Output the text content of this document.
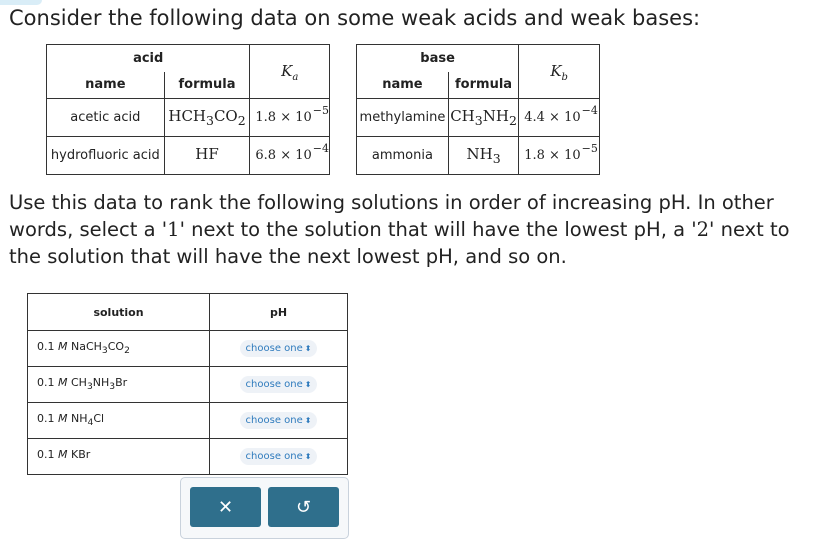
Consider the following data on some weak acids and weak bases:
acid		$K_a$
name	formula	
acetic acid	$HCH_3CO_2$	$1.8 \times 10^{-5}$
hydrofluoric acid	HF	$6.8 \times 10^{-4}$
base		$K_b$
name	formula	
methylamine	$CH_3NH_2$	$4.4 \times 10^{-4}$
ammonia	$NH_3$	$1.8 \times 10^{-5}$

Use this data to rank the following solutions in order of increasing pH. In other words, select a '1' next to the solution that will have the lowest pH, a '2' next to the solution that will have the next lowest pH, and so on.

solution	pH
0.1 M $NaCH_3CO_2$	choose one ⬍
0.1 M $CH_3NH_3Br$	choose one ⬍
0.1 M $NH_4Cl$	choose one ⬍
0.1 M KBr	choose one ⬍
✕	↺
